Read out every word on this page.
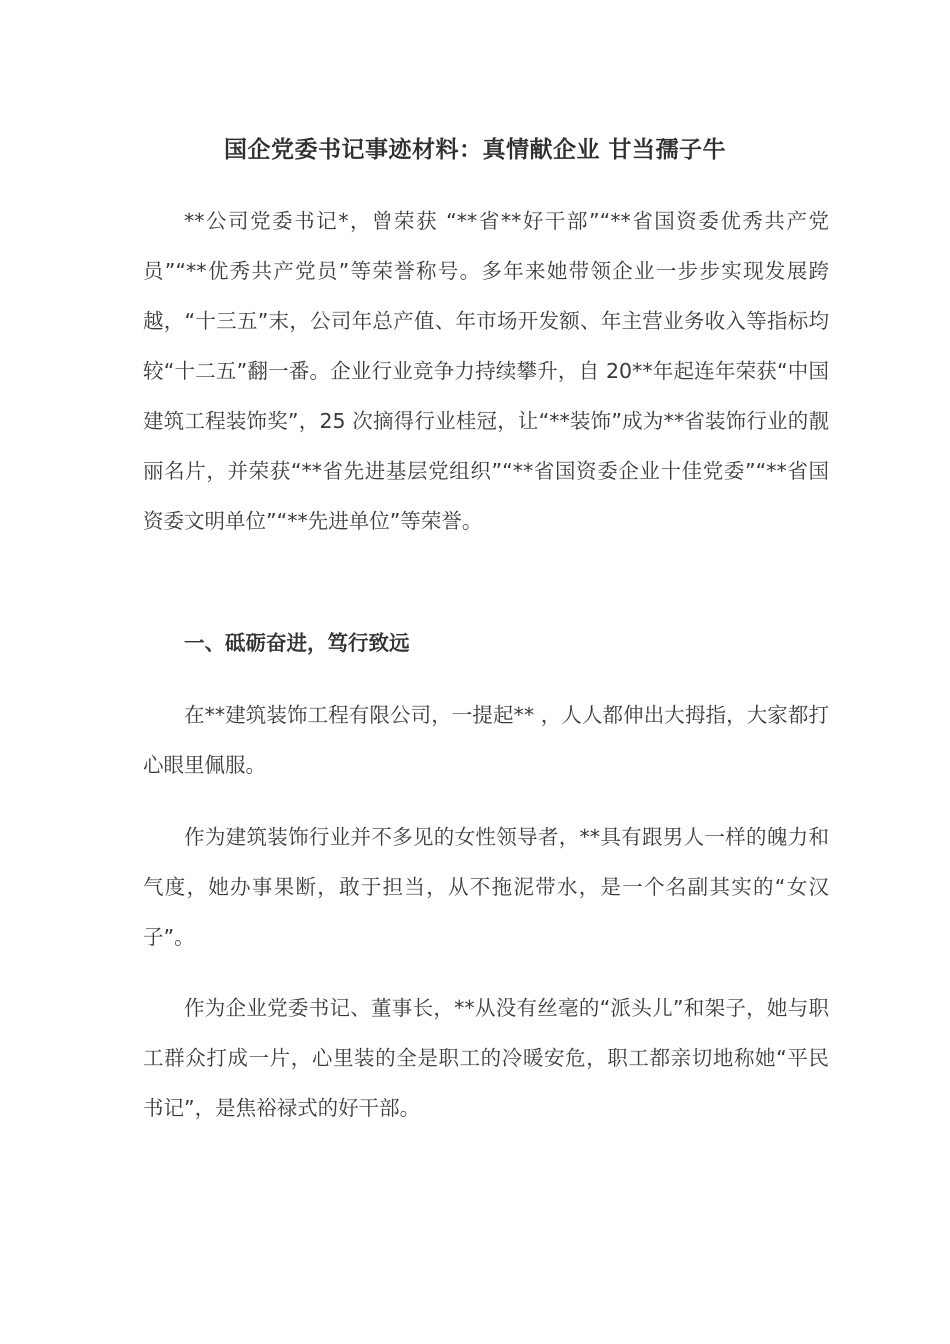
国企党委书记事迹材料：真情献企业 甘当孺子牛

**公司党委书记*，曾荣获 “**省**好干部”“**省国资委优秀共产党员”“**优秀共产党员”等荣誉称号。多年来她带领企业一步步实现发展跨越，“十三五”末，公司年总产值、年市场开发额、年主营业务收入等指标均较“十二五”翻一番。企业行业竞争力持续攀升，自 20**年起连年荣获“中国建筑工程装饰奖”，25 次摘得行业桂冠，让“**装饰”成为**省装饰行业的靓丽名片，并荣获“**省先进基层党组织”“**省国资委企业十佳党委”“**省国资委文明单位”“**先进单位”等荣誉。

一、砥砺奋进，笃行致远

在**建筑装饰工程有限公司，一提起** ，人人都伸出大拇指，大家都打心眼里佩服。

作为建筑装饰行业并不多见的女性领导者，**具有跟男人一样的魄力和气度，她办事果断，敢于担当，从不拖泥带水，是一个名副其实的“女汉子”。

作为企业党委书记、董事长，**从没有丝毫的“派头儿”和架子，她与职工群众打成一片，心里装的全是职工的冷暖安危，职工都亲切地称她“平民书记”，是焦裕禄式的好干部。
